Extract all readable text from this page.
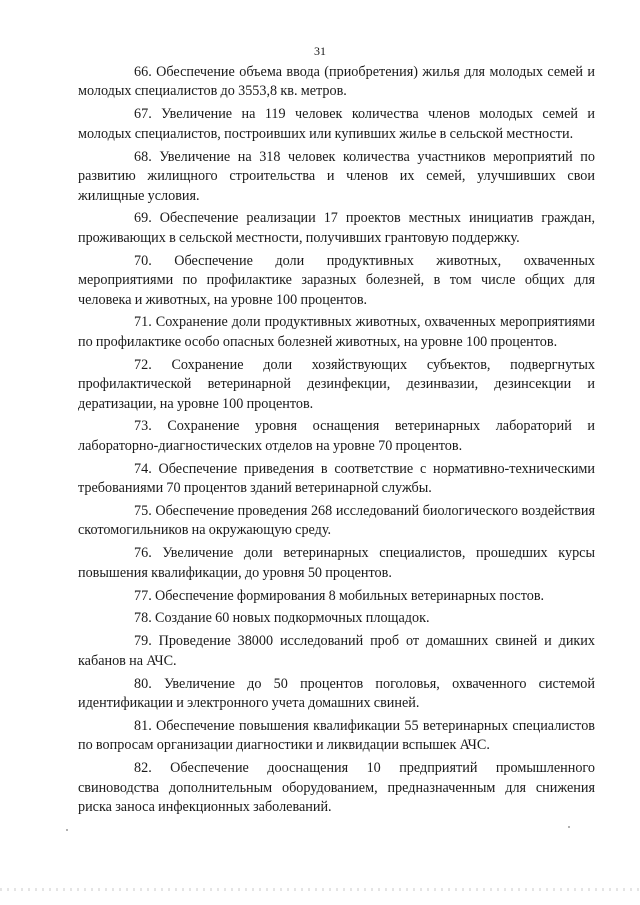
31

66. Обеспечение объема ввода (приобретения) жилья для молодых семей и молодых специалистов до 3553,8 кв. метров.

67. Увеличение на 119 человек количества членов молодых семей и молодых специалистов, построивших или купивших жилье в сельской местности.

68. Увеличение на 318 человек количества участников мероприятий по развитию жилищного строительства и членов их семей, улучшивших свои жилищные условия.

69. Обеспечение реализации 17 проектов местных инициатив граждан, проживающих в сельской местности, получивших грантовую поддержку.

70. Обеспечение доли продуктивных животных, охваченных мероприятиями по профилактике заразных болезней, в том числе общих для человека и животных, на уровне 100 процентов.

71. Сохранение доли продуктивных животных, охваченных мероприятиями по профилактике особо опасных болезней животных, на уровне 100 процентов.

72. Сохранение доли хозяйствующих субъектов, подвергнутых профилактической ветеринарной дезинфекции, дезинвазии, дезинсекции и дератизации, на уровне 100 процентов.

73. Сохранение уровня оснащения ветеринарных лабораторий и лабораторно-диагностических отделов на уровне 70 процентов.

74. Обеспечение приведения в соответствие с нормативно-техническими требованиями 70 процентов зданий ветеринарной службы.

75. Обеспечение проведения 268 исследований биологического воздействия скотомогильников на окружающую среду.

76. Увеличение доли ветеринарных специалистов, прошедших курсы повышения квалификации, до уровня 50 процентов.

77. Обеспечение формирования 8 мобильных ветеринарных постов.

78. Создание 60 новых подкормочных площадок.

79. Проведение 38000 исследований проб от домашних свиней и диких кабанов на АЧС.

80. Увеличение до 50 процентов поголовья, охваченного системой идентификации и электронного учета домашних свиней.

81. Обеспечение повышения квалификации 55 ветеринарных специалистов по вопросам организации диагностики и ликвидации вспышек АЧС.

82. Обеспечение дооснащения 10 предприятий промышленного свиноводства дополнительным оборудованием, предназначенным для снижения риска заноса инфекционных заболеваний.
